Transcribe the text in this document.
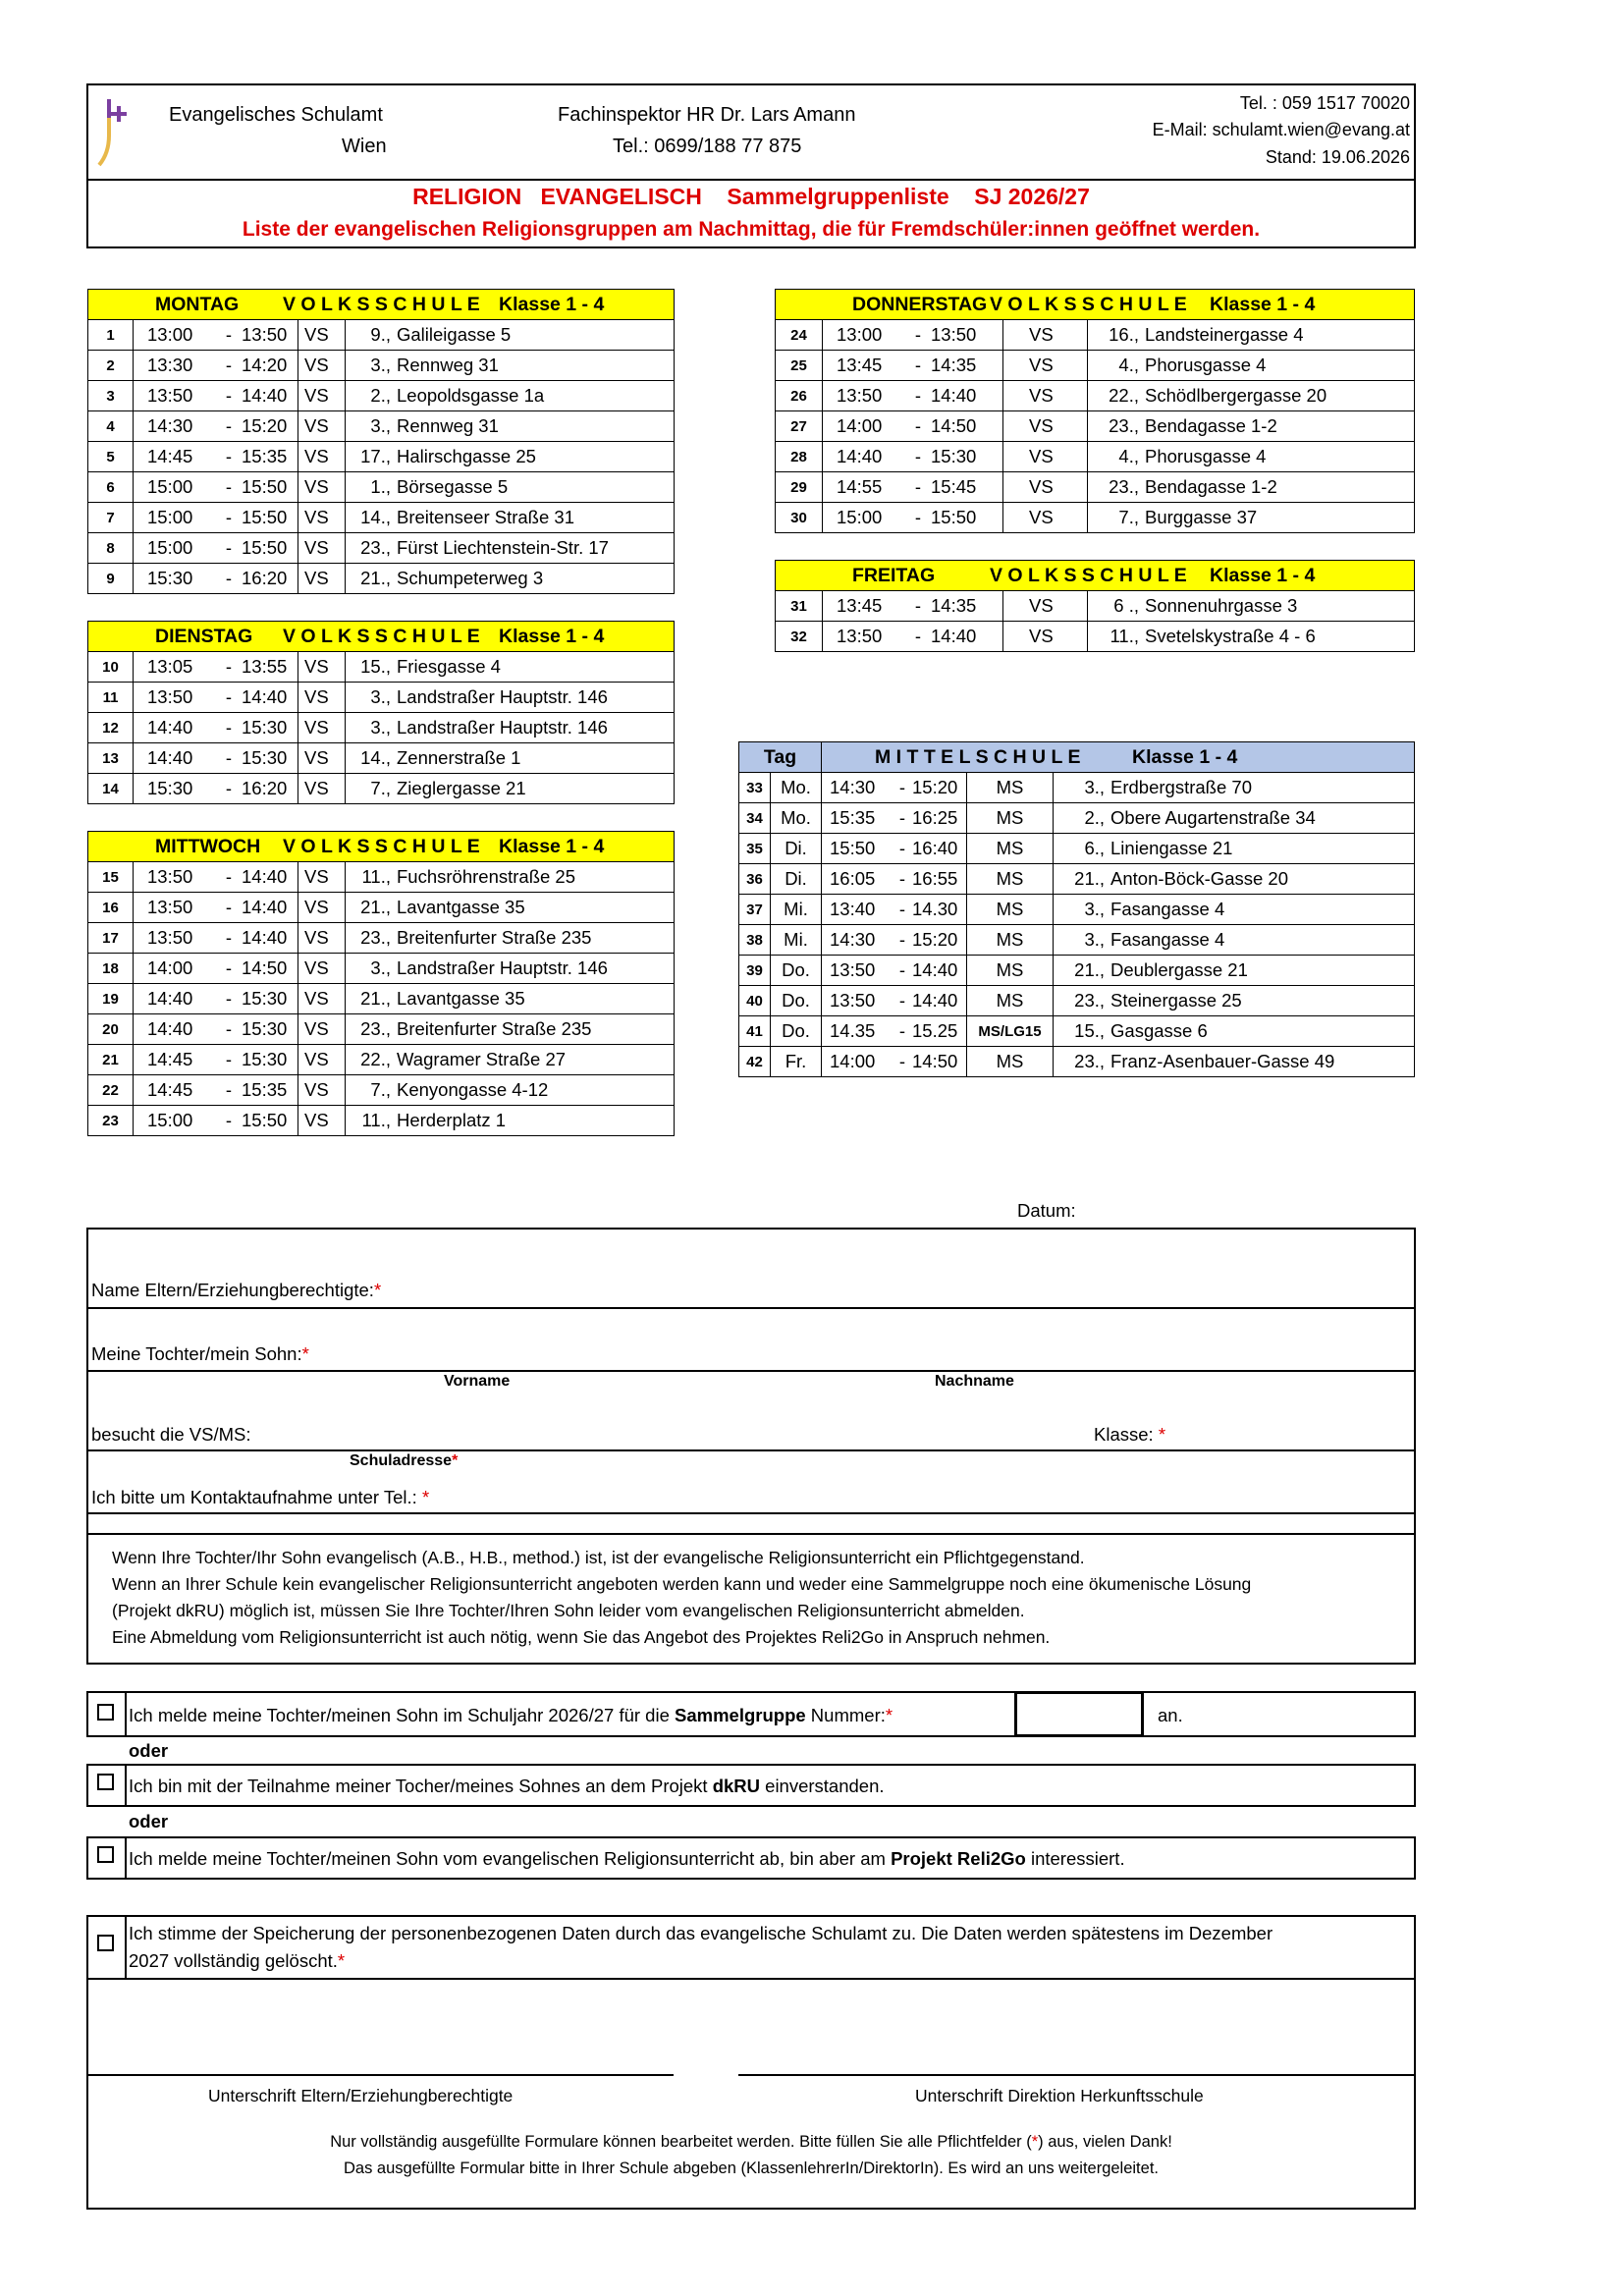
Evangelisches Schulamt
Wien
Fachinspektor HR Dr. Lars Amann
Tel.: 0699/188 77 875
Tel. : 059 1517 70020
E-Mail: schulamt.wien@evang.at
Stand: 19.06.2026
RELIGION   EVANGELISCH    Sammelgruppenliste    SJ 2026/27
Liste der evangelischen Religionsgruppen am Nachmittag, die für Fremdschüler:innen geöffnet werden.
MONTAG V O L K S S C H U L E Klasse 1 - 4			
1	13:00 - 13:50	VS	9., Galileigasse 5
2	13:30 - 14:20	VS	3., Rennweg 31
3	13:50 - 14:40	VS	2., Leopoldsgasse 1a
4	14:30 - 15:20	VS	3., Rennweg 31
5	14:45 - 15:35	VS	17., Halirschgasse 25
6	15:00 - 15:50	VS	1., Börsegasse 5
7	15:00 - 15:50	VS	14., Breitenseer Straße 31
8	15:00 - 15:50	VS	23., Fürst Liechtenstein-Str. 17
9	15:30 - 16:20	VS	21., Schumpeterweg 3
DIENSTAG V O L K S S C H U L E Klasse 1 - 4			
10	13:05 - 13:55	VS	15., Friesgasse 4
11	13:50 - 14:40	VS	3., Landstraßer Hauptstr. 146
12	14:40 - 15:30	VS	3., Landstraßer Hauptstr. 146
13	14:40 - 15:30	VS	14., Zennerstraße 1
14	15:30 - 16:20	VS	7., Zieglergasse 21
MITTWOCH V O L K S S C H U L E Klasse 1 - 4			
15	13:50 - 14:40	VS	11., Fuchsröhrenstraße 25
16	13:50 - 14:40	VS	21., Lavantgasse 35
17	13:50 - 14:40	VS	23., Breitenfurter Straße 235
18	14:00 - 14:50	VS	3., Landstraßer Hauptstr. 146
19	14:40 - 15:30	VS	21., Lavantgasse 35
20	14:40 - 15:30	VS	23., Breitenfurter Straße 235
21	14:45 - 15:30	VS	22., Wagramer Straße 27
22	14:45 - 15:35	VS	7., Kenyongasse 4-12
23	15:00 - 15:50	VS	11., Herderplatz 1
DONNERSTAG V O L K S S C H U L E Klasse 1 - 4			
24	13:00 - 13:50	VS	16., Landsteinergasse 4
25	13:45 - 14:35	VS	4., Phorusgasse 4
26	13:50 - 14:40	VS	22., Schödlbergergasse 20
27	14:00 - 14:50	VS	23., Bendagasse 1-2
28	14:40 - 15:30	VS	4., Phorusgasse 4
29	14:55 - 15:45	VS	23., Bendagasse 1-2
30	15:00 - 15:50	VS	7., Burggasse 37
FREITAG V O L K S S C H U L E Klasse 1 - 4			
31	13:45 - 14:35	VS	6 ., Sonnenuhrgasse 3
32	13:50 - 14:40	VS	11., Svetelskystraße 4 - 6
Tag		M I T T E L S C H U L E Klasse 1 - 4		
33	Mo.	14:30 - 15:20	MS	3., Erdbergstraße 70
34	Mo.	15:35 - 16:25	MS	2., Obere Augartenstraße 34
35	Di.	15:50 - 16:40	MS	6., Liniengasse 21
36	Di.	16:05 - 16:55	MS	21., Anton-Böck-Gasse 20
37	Mi.	13:40 - 14.30	MS	3., Fasangasse 4
38	Mi.	14:30 - 15:20	MS	3., Fasangasse 4
39	Do.	13:50 - 14:40	MS	21., Deublergasse 21
40	Do.	13:50 - 14:40	MS	23., Steinergasse 25
41	Do.	14.35 - 15.25	MS/LG15	15., Gasgasse 6
42	Fr.	14:00 - 14:50	MS	23., Franz-Asenbauer-Gasse 49
Datum:
Name Eltern/Erziehungberechtigte:*
Meine Tochter/mein Sohn:*
Vorname	Nachname
besucht die VS/MS:	Klasse: *
Schuladresse*
Ich bitte um Kontaktaufnahme unter Tel.: *
Wenn Ihre Tochter/Ihr Sohn evangelisch (A.B., H.B., method.) ist, ist der evangelische Religionsunterricht ein Pflichtgegenstand.
Wenn an Ihrer Schule kein evangelischer Religionsunterricht angeboten werden kann und weder eine Sammelgruppe noch eine ökumenische Lösung
(Projekt dkRU) möglich ist, müssen Sie Ihre Tochter/Ihren Sohn leider vom evangelischen Religionsunterricht abmelden.
Eine Abmeldung vom Religionsunterricht ist auch nötig, wenn Sie das Angebot des Projektes Reli2Go in Anspruch nehmen.
Ich melde meine Tochter/meinen Sohn im Schuljahr 2026/27 für die Sammelgruppe Nummer:*	an.
oder
Ich bin mit der Teilnahme meiner Tocher/meines Sohnes an dem Projekt dkRU einverstanden.
oder
Ich melde meine Tochter/meinen Sohn vom evangelischen Religionsunterricht ab, bin aber am Projekt Reli2Go interessiert.
Ich stimme der Speicherung der personenbezogenen Daten durch das evangelische Schulamt zu. Die Daten werden spätestens im Dezember
2027 vollständig gelöscht.*
Unterschrift Eltern/Erziehungberechtigte	Unterschrift Direktion Herkunftsschule
Nur vollständig ausgefüllte Formulare können bearbeitet werden. Bitte füllen Sie alle Pflichtfelder (*) aus, vielen Dank!
Das ausgefüllte Formular bitte in Ihrer Schule abgeben (KlassenlehrerIn/DirektorIn). Es wird an uns weitergeleitet.
